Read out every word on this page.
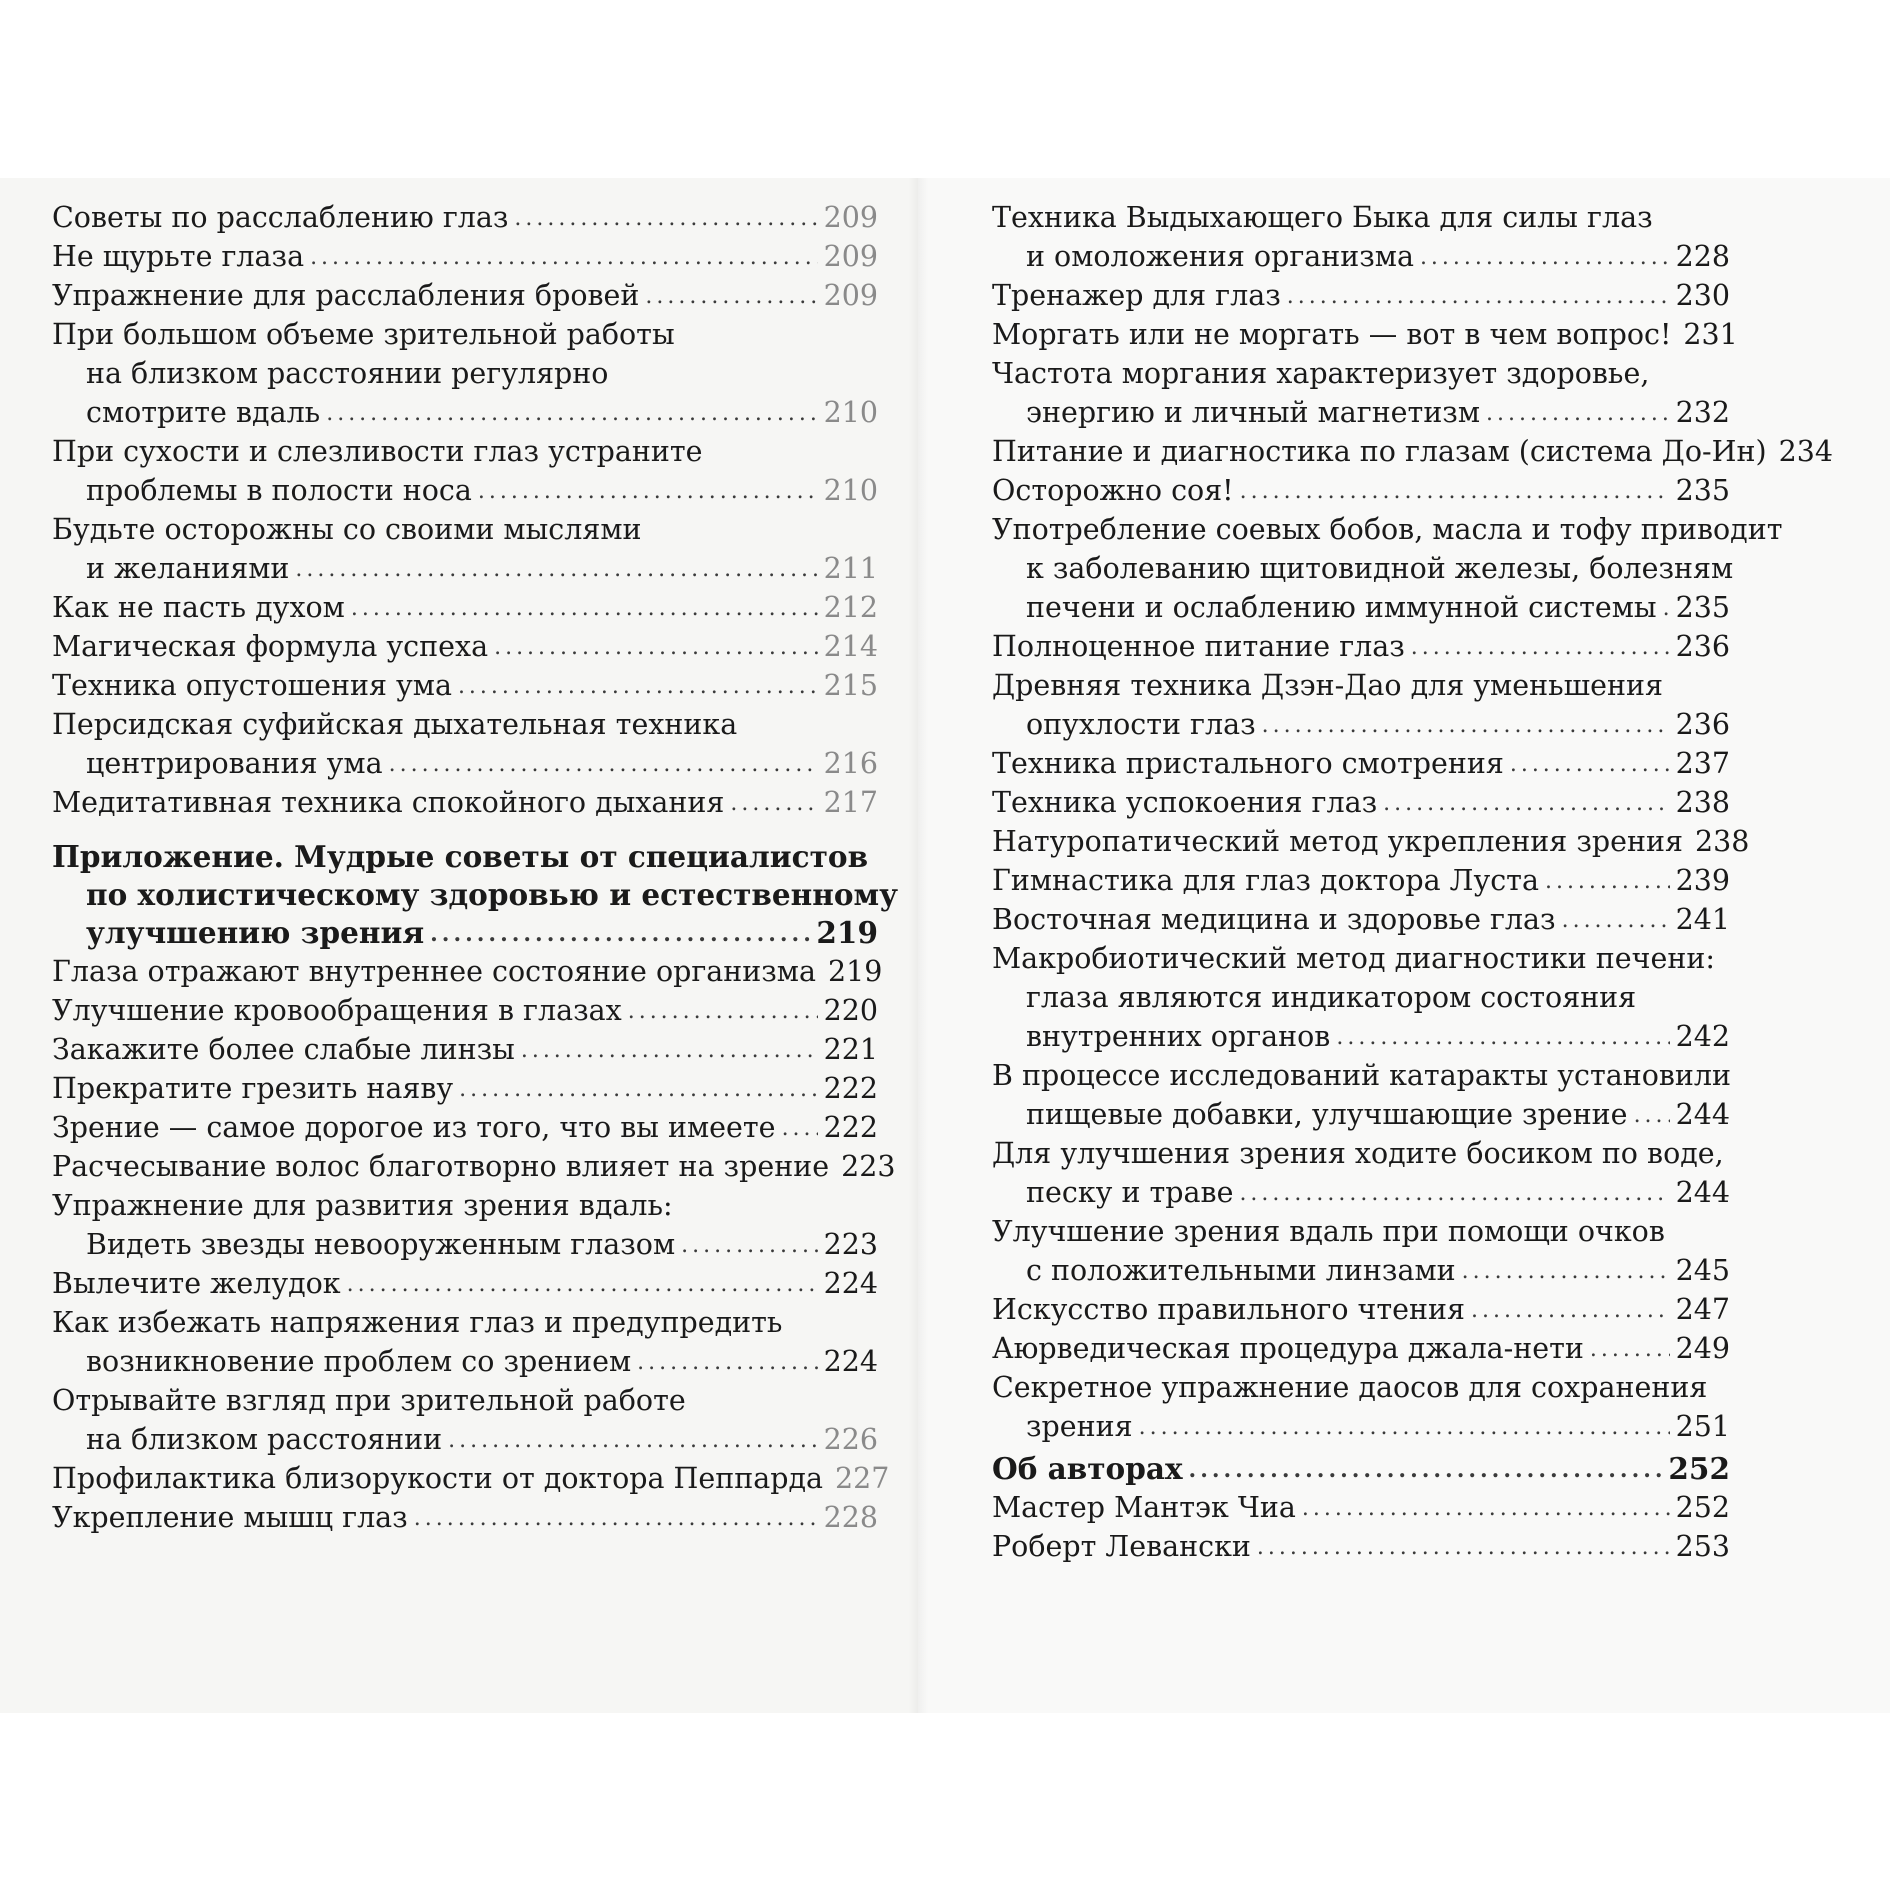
Советы по расслаблению глаз .....	209
Не щурьте глаза .....	209
Упражнение для расслабления бровей .....	209
При большом объеме зрительной работы
на близком расстоянии регулярно
смотрите вдаль .....	210
При сухости и слезливости глаз устраните
проблемы в полости носа .....	210
Будьте осторожны со своими мыслями
и желаниями .....	211
Как не пасть духом .....	212
Магическая формула успеха .....	214
Техника опустошения ума .....	215
Персидская суфийская дыхательная техника
центрирования ума .....	216
Медитативная техника спокойного дыхания .....	217
Приложение. Мудрые советы от специалистов
по холистическому здоровью и естественному
улучшению зрения .....	219
Глаза отражают внутреннее состояние организма 219
Улучшение кровообращения в глазах .....	220
Закажите более слабые линзы .....	221
Прекратите грезить наяву .....	222
Зрение — самое дорогое из того, что вы имеете ..... 222
Расчесывание волос благотворно влияет на зрение 223
Упражнение для развития зрения вдаль:
Видеть звезды невооруженным глазом .....	223
Вылечите желудок .....	224
Как избежать напряжения глаз и предупредить
возникновение проблем со зрением .....	224
Отрывайте взгляд при зрительной работе
на близком расстоянии .....	226
Профилактика близорукости от доктора Пеппарда 227
Укрепление мышц глаз .....	228
Техника Выдыхающего Быка для силы глаз
и омоложения организма .....	228
Тренажер для глаз .....	230
Моргать или не моргать — вот в чем вопрос! 231
Частота моргания характеризует здоровье,
энергию и личный магнетизм .....	232
Питание и диагностика по глазам (система До-Ин) 234
Осторожно соя! .....	235
Употребление соевых бобов, масла и тофу приводит
к заболеванию щитовидной железы, болезням
печени и ослаблению иммунной системы ..... 235
Полноценное питание глаз .....	236
Древняя техника Дзэн-Дао для уменьшения
опухлости глаз .....	236
Техника пристального смотрения .....	237
Техника успокоения глаз .....	238
Натуропатический метод укрепления зрения 238
Гимнастика для глаз доктора Луста .....	239
Восточная медицина и здоровье глаз .....	241
Макробиотический метод диагностики печени:
глаза являются индикатором состояния
внутренних органов .....	242
В процессе исследований катаракты установили
пищевые добавки, улучшающие зрение ..... 244
Для улучшения зрения ходите босиком по воде,
песку и траве .....	244
Улучшение зрения вдаль при помощи очков
с положительными линзами .....	245
Искусство правильного чтения .....	247
Аюрведическая процедура джала-нети .....	249
Секретное упражнение даосов для сохранения
зрения .....	251
Об авторах .....	252
Мастер Мантэк Чиа .....	252
Роберт Левански .....	253
